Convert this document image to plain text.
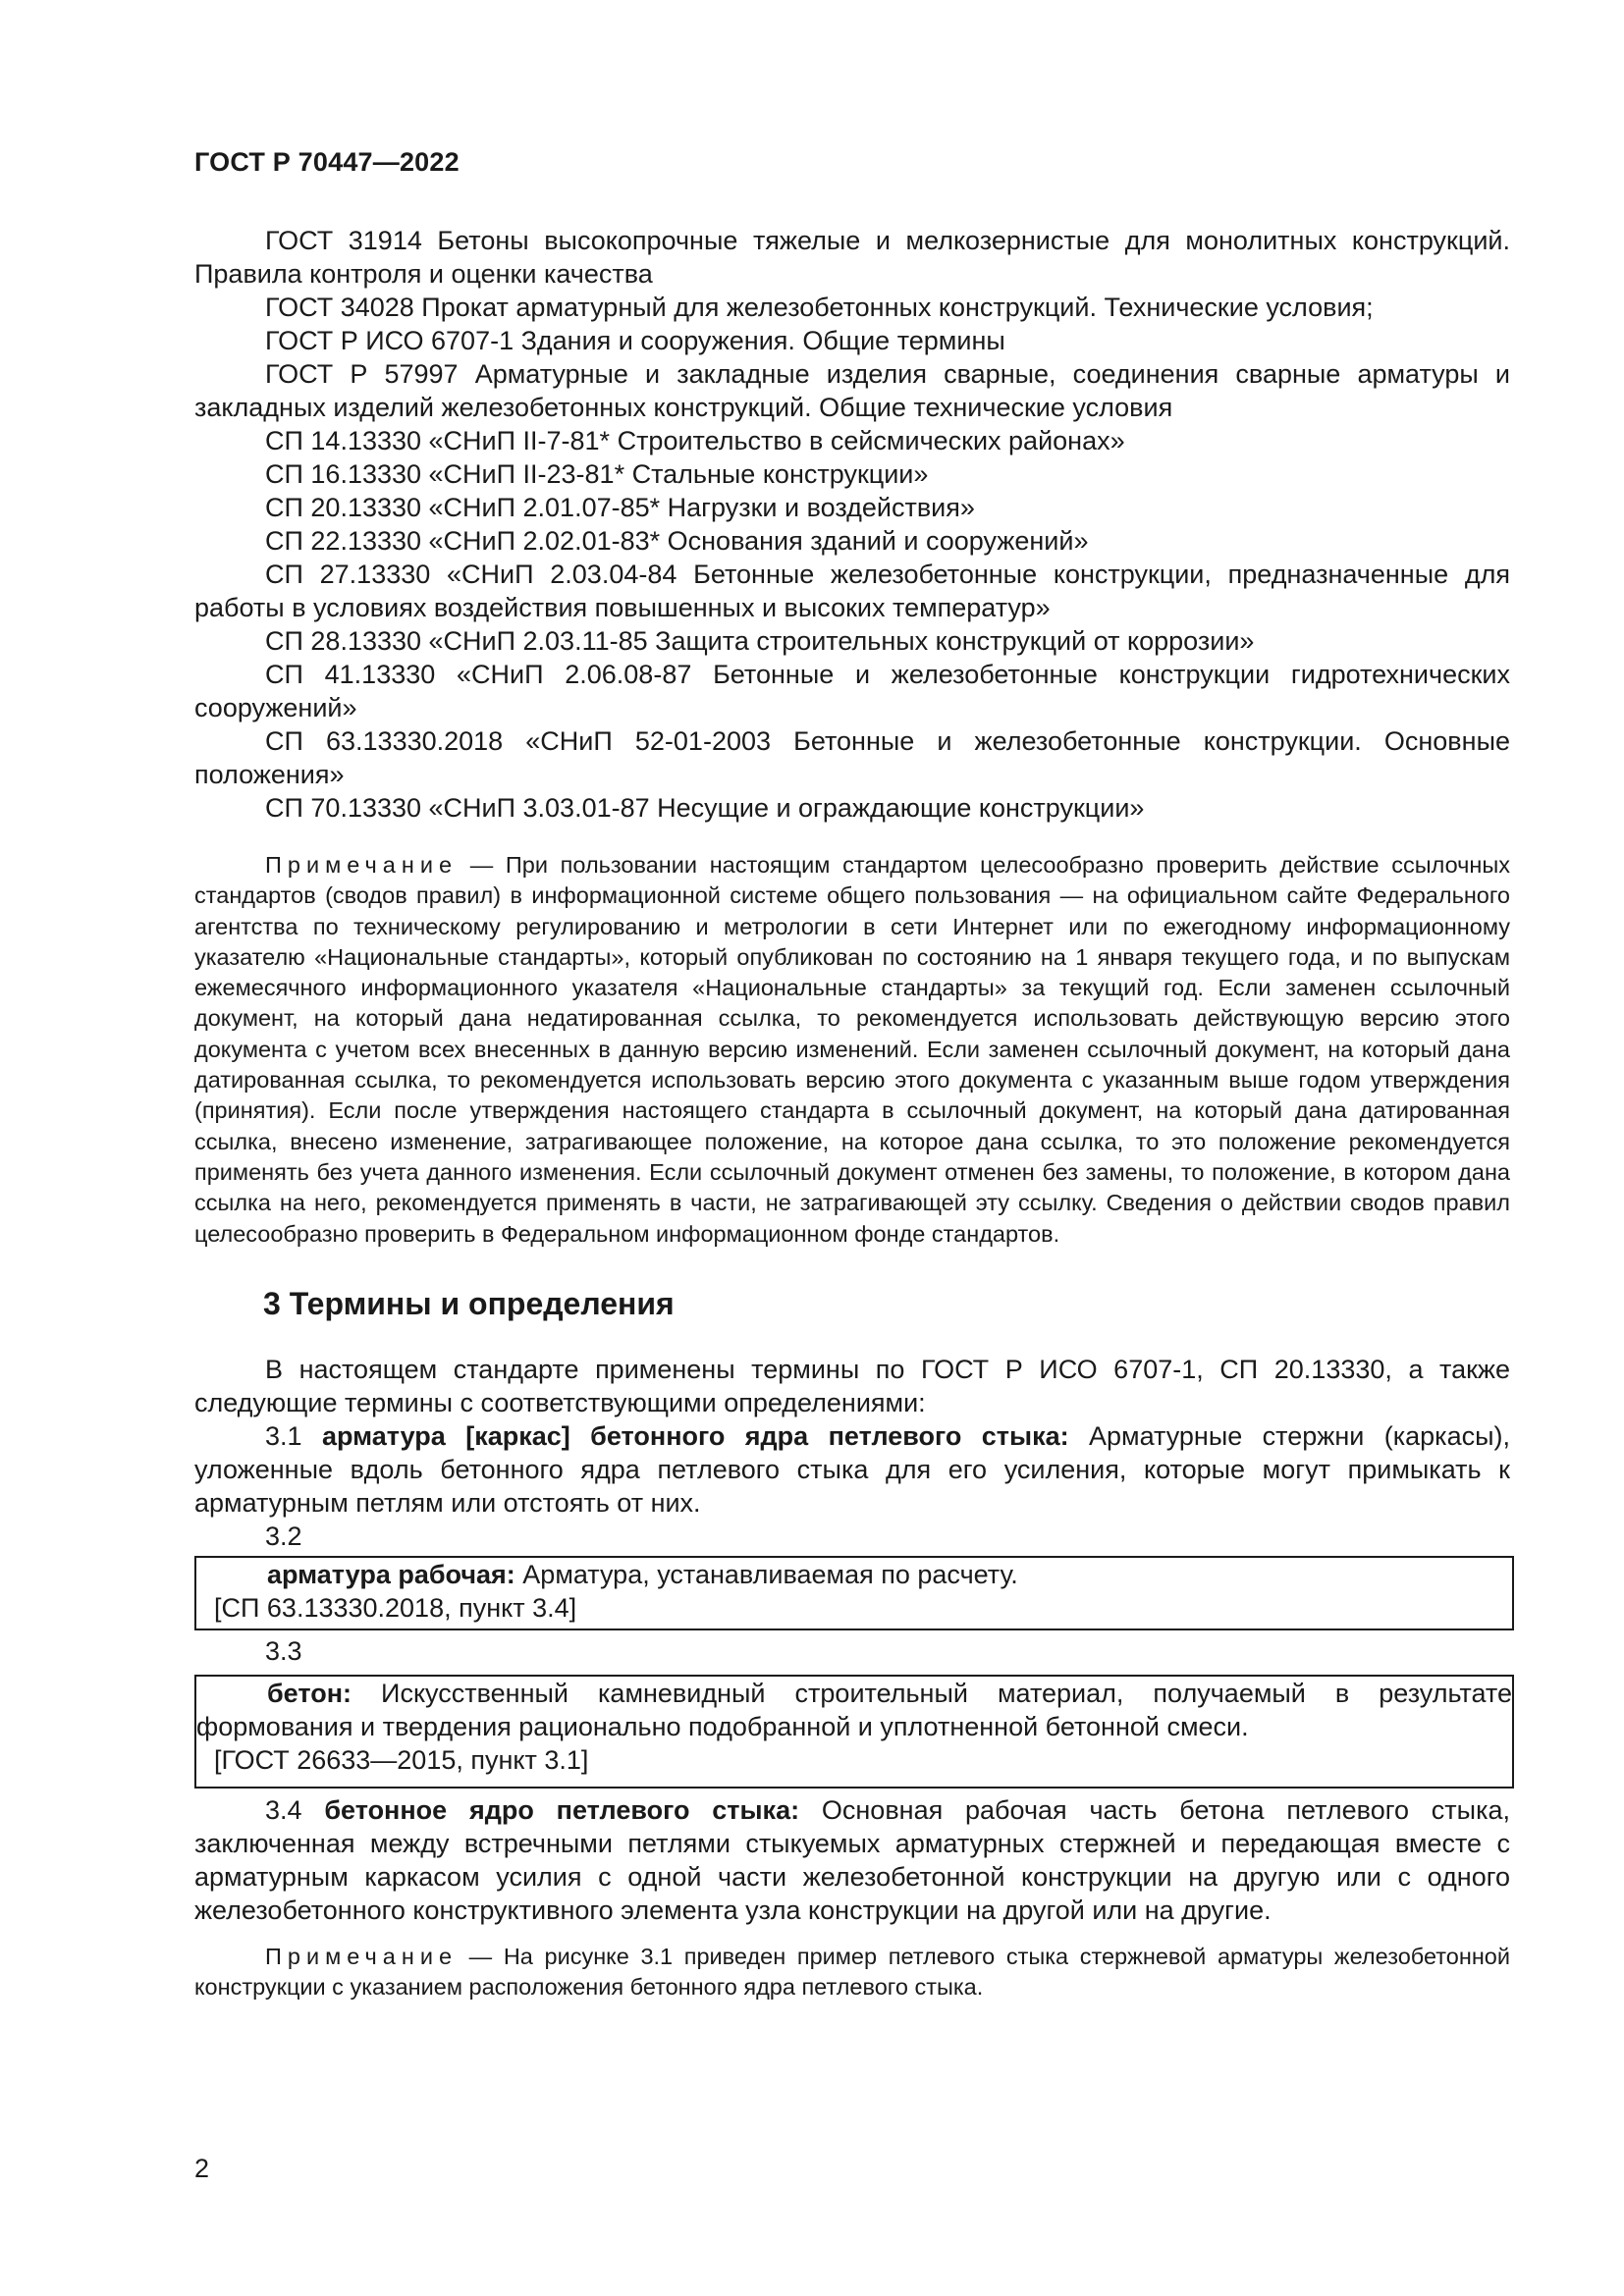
ГОСТ Р 70447—2022

ГОСТ 31914 Бетоны высокопрочные тяжелые и мелкозернистые для монолитных конструкций. Правила контроля и оценки качества

ГОСТ 34028 Прокат арматурный для железобетонных конструкций. Технические условия;

ГОСТ Р ИСО 6707-1 Здания и сооружения. Общие термины

ГОСТ Р 57997 Арматурные и закладные изделия сварные, соединения сварные арматуры и закладных изделий железобетонных конструкций. Общие технические условия

СП 14.13330 «СНиП II-7-81* Строительство в сейсмических районах»

СП 16.13330 «СНиП II-23-81* Стальные конструкции»

СП 20.13330 «СНиП 2.01.07-85* Нагрузки и воздействия»

СП 22.13330 «СНиП 2.02.01-83* Основания зданий и сооружений»

СП 27.13330 «СНиП 2.03.04-84 Бетонные железобетонные конструкции, предназначенные для работы в условиях воздействия повышенных и высоких температур»

СП 28.13330 «СНиП 2.03.11-85 Защита строительных конструкций от коррозии»

СП 41.13330 «СНиП 2.06.08-87 Бетонные и железобетонные конструкции гидротехнических сооружений»

СП 63.13330.2018 «СНиП 52-01-2003 Бетонные и железобетонные конструкции. Основные положения»

СП 70.13330 «СНиП 3.03.01-87 Несущие и ограждающие конструкции»

Примечание — При пользовании настоящим стандартом целесообразно проверить действие ссылочных стандартов (сводов правил) в информационной системе общего пользования — на официальном сайте Федерального агентства по техническому регулированию и метрологии в сети Интернет или по ежегодному информационному указателю «Национальные стандарты», который опубликован по состоянию на 1 января текущего года, и по выпускам ежемесячного информационного указателя «Национальные стандарты» за текущий год. Если заменен ссылочный документ, на который дана недатированная ссылка, то рекомендуется использовать действующую версию этого документа с учетом всех внесенных в данную версию изменений. Если заменен ссылочный документ, на который дана датированная ссылка, то рекомендуется использовать версию этого документа с указанным выше годом утверждения (принятия). Если после утверждения настоящего стандарта в ссылочный документ, на который дана датированная ссылка, внесено изменение, затрагивающее положение, на которое дана ссылка, то это положение рекомендуется применять без учета данного изменения. Если ссылочный документ отменен без замены, то положение, в котором дана ссылка на него, рекомендуется применять в части, не затрагивающей эту ссылку. Сведения о действии сводов правил целесообразно проверить в Федеральном информационном фонде стандартов.

3 Термины и определения

В настоящем стандарте применены термины по ГОСТ Р ИСО 6707-1, СП 20.13330, а также следующие термины с соответствующими определениями:

3.1 арматура [каркас] бетонного ядра петлевого стыка: Арматурные стержни (каркасы), уложенные вдоль бетонного ядра петлевого стыка для его усиления, которые могут примыкать к арматурным петлям или отстоять от них.

3.2

арматура рабочая: Арматура, устанавливаемая по расчету.

[СП 63.13330.2018, пункт 3.4]

3.3

бетон: Искусственный камневидный строительный материал, получаемый в результате формования и твердения рационально подобранной и уплотненной бетонной смеси.

[ГОСТ 26633—2015, пункт 3.1]

3.4 бетонное ядро петлевого стыка: Основная рабочая часть бетона петлевого стыка, заключенная между встречными петлями стыкуемых арматурных стержней и передающая вместе с арматурным каркасом усилия с одной части железобетонной конструкции на другую или с одного железобетонного конструктивного элемента узла конструкции на другой или на другие.

Примечание — На рисунке 3.1 приведен пример петлевого стыка стержневой арматуры железобетонной конструкции с указанием расположения бетонного ядра петлевого стыка.

2
